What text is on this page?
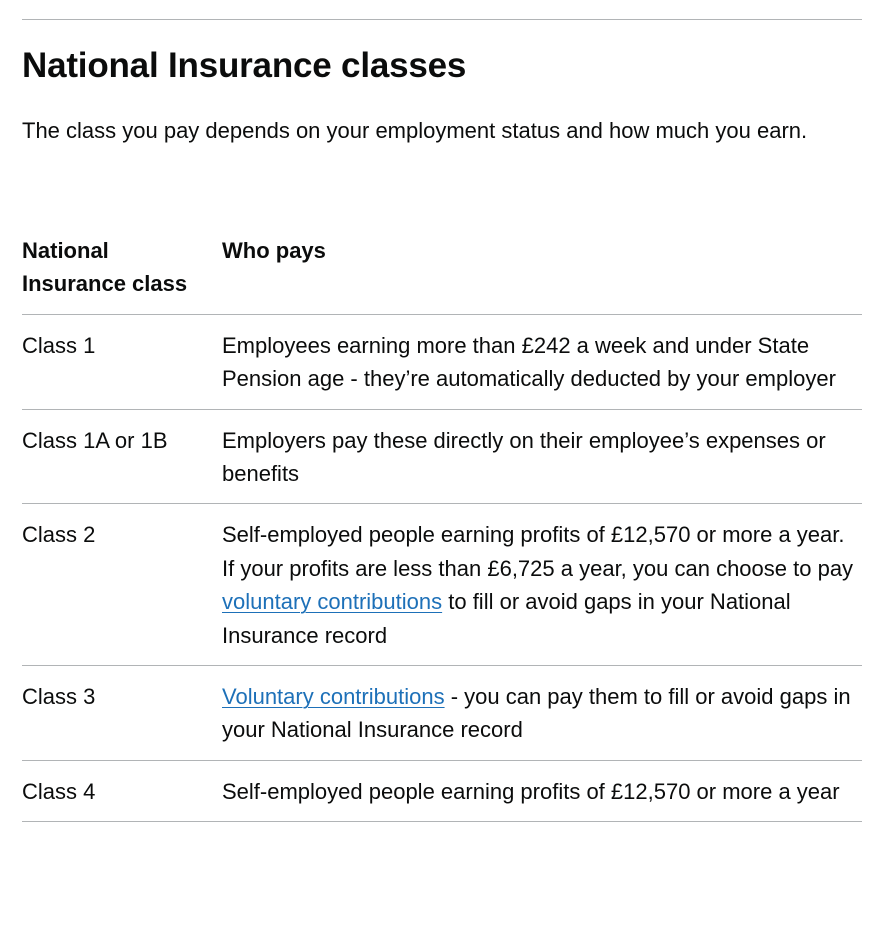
National Insurance classes

The class you pay depends on your employment status and how much you earn.

National Insurance class	Who pays
Class 1	Employees earning more than £242 a week and under State Pension age - they’re automatically deducted by your employer
Class 1A or 1B	Employers pay these directly on their employee’s expenses or benefits
Class 2	Self-employed people earning profits of £12,570 or more a year. If your profits are less than £6,725 a year, you can choose to pay voluntary contributions to fill or avoid gaps in your National Insurance record
Class 3	Voluntary contributions - you can pay them to fill or avoid gaps in your National Insurance record
Class 4	Self-employed people earning profits of £12,570 or more a year
